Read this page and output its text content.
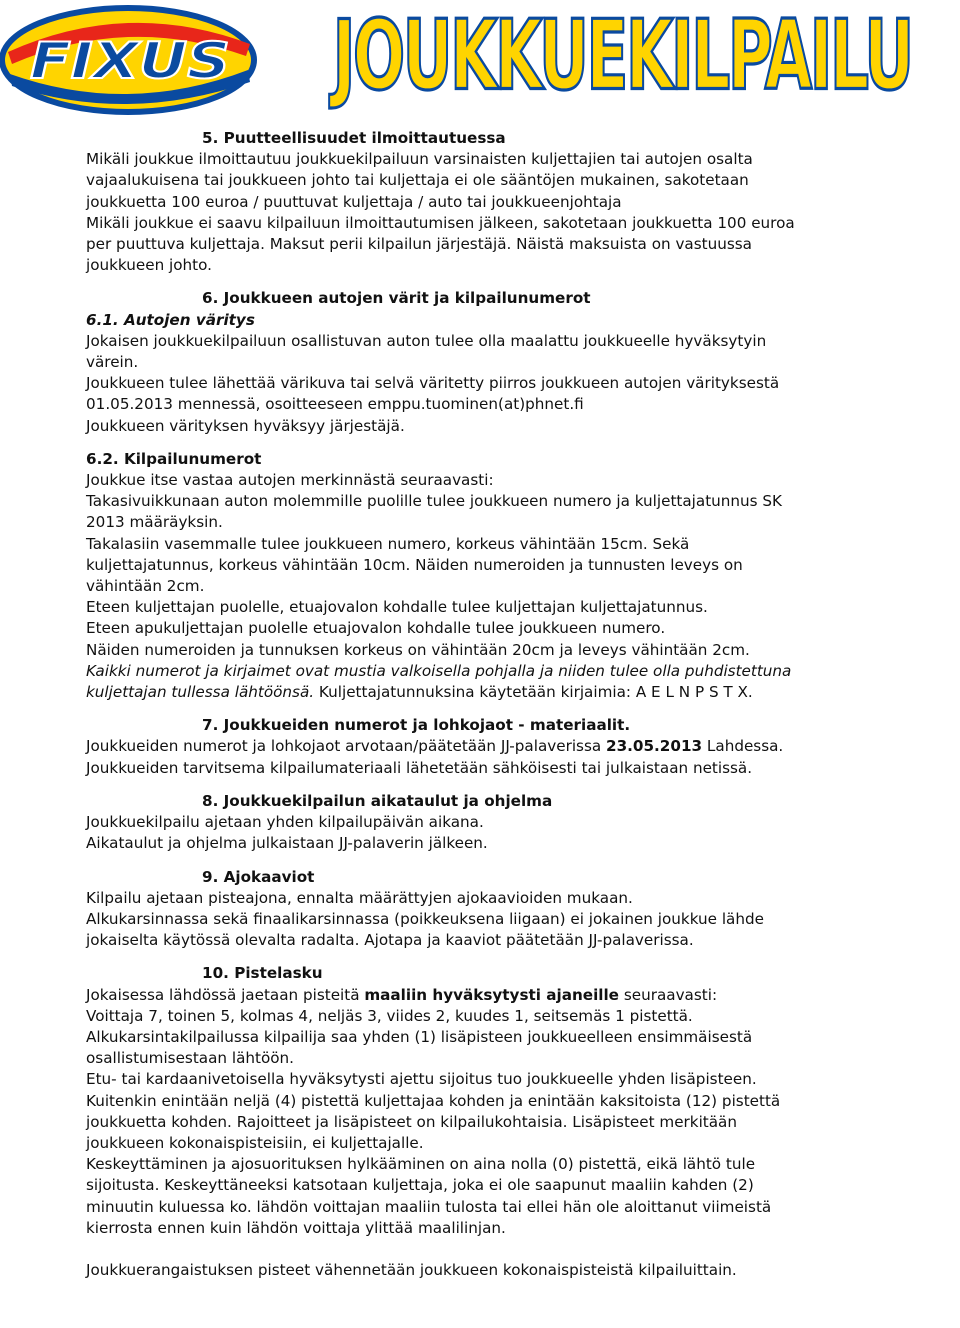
FIXUS JOUKKUEKILPAILU

5. Puutteellisuudet ilmoittautuessa

Mikäli joukkue ilmoittautuu joukkuekilpailuun varsinaisten kuljettajien tai autojen osalta

vajaalukuisena tai joukkueen johto tai kuljettaja ei ole sääntöjen mukainen, sakotetaan

joukkuetta 100 euroa / puuttuvat kuljettaja / auto tai joukkueenjohtaja

Mikäli joukkue ei saavu kilpailuun ilmoittautumisen jälkeen, sakotetaan joukkuetta 100 euroa

per puuttuva kuljettaja. Maksut perii kilpailun järjestäjä. Näistä maksuista on vastuussa

joukkueen johto.

6. Joukkueen autojen värit ja kilpailunumerot

6.1. Autojen väritys

Jokaisen joukkuekilpailuun osallistuvan auton tulee olla maalattu joukkueelle hyväksytyin

värein.

Joukkueen tulee lähettää värikuva tai selvä väritetty piirros joukkueen autojen värityksestä

01.05.2013 mennessä, osoitteeseen emppu.tuominen(at)phnet.fi

Joukkueen värityksen hyväksyy järjestäjä.

6.2. Kilpailunumerot

Joukkue itse vastaa autojen merkinnästä seuraavasti:

Takasivuikkunaan auton molemmille puolille tulee joukkueen numero ja kuljettajatunnus SK

2013 määräyksin.

Takalasiin vasemmalle tulee joukkueen numero, korkeus vähintään 15cm. Sekä

kuljettajatunnus, korkeus vähintään 10cm. Näiden numeroiden ja tunnusten leveys on

vähintään 2cm.

Eteen kuljettajan puolelle, etuajovalon kohdalle tulee kuljettajan kuljettajatunnus.

Eteen apukuljettajan puolelle etuajovalon kohdalle tulee joukkueen numero.

Näiden numeroiden ja tunnuksen korkeus on vähintään 20cm ja leveys vähintään 2cm.

Kaikki numerot ja kirjaimet ovat mustia valkoisella pohjalla ja niiden tulee olla puhdistettuna

kuljettajan tullessa lähtöönsä. Kuljettajatunnuksina käytetään kirjaimia: A E L N P S T X.

7. Joukkueiden numerot ja lohkojaot - materiaalit.

Joukkueiden numerot ja lohkojaot arvotaan/päätetään JJ-palaverissa 23.05.2013 Lahdessa.

Joukkueiden tarvitsema kilpailumateriaali lähetetään sähköisesti tai julkaistaan netissä.

8. Joukkuekilpailun aikataulut ja ohjelma

Joukkuekilpailu ajetaan yhden kilpailupäivän aikana.

Aikataulut ja ohjelma julkaistaan JJ-palaverin jälkeen.

9. Ajokaaviot

Kilpailu ajetaan pisteajona, ennalta määrättyjen ajokaavioiden mukaan.

Alkukarsinnassa sekä finaalikarsinnassa (poikkeuksena liigaan) ei jokainen joukkue lähde

jokaiselta käytössä olevalta radalta. Ajotapa ja kaaviot päätetään JJ-palaverissa.

10. Pistelasku

Jokaisessa lähdössä jaetaan pisteitä maaliin hyväksytysti ajaneille seuraavasti:

Voittaja 7, toinen 5, kolmas 4, neljäs 3, viides 2, kuudes 1, seitsemäs 1 pistettä.

Alkukarsintakilpailussa kilpailija saa yhden (1) lisäpisteen joukkueelleen ensimmäisestä

osallistumisestaan lähtöön.

Etu- tai kardaanivetoisella hyväksytysti ajettu sijoitus tuo joukkueelle yhden lisäpisteen.

Kuitenkin enintään neljä (4) pistettä kuljettajaa kohden ja enintään kaksitoista (12) pistettä

joukkuetta kohden. Rajoitteet ja lisäpisteet on kilpailukohtaisia. Lisäpisteet merkitään

joukkueen kokonaispisteisiin, ei kuljettajalle.

Keskeyttäminen ja ajosuorituksen hylkääminen on aina nolla (0) pistettä, eikä lähtö tule

sijoitusta. Keskeyttäneeksi katsotaan kuljettaja, joka ei ole saapunut maaliin kahden (2)

minuutin kuluessa ko. lähdön voittajan maaliin tulosta tai ellei hän ole aloittanut viimeistä

kierrosta ennen kuin lähdön voittaja ylittää maalilinjan.

Joukkuerangaistuksen pisteet vähennetään joukkueen kokonaispisteistä kilpailuittain.
